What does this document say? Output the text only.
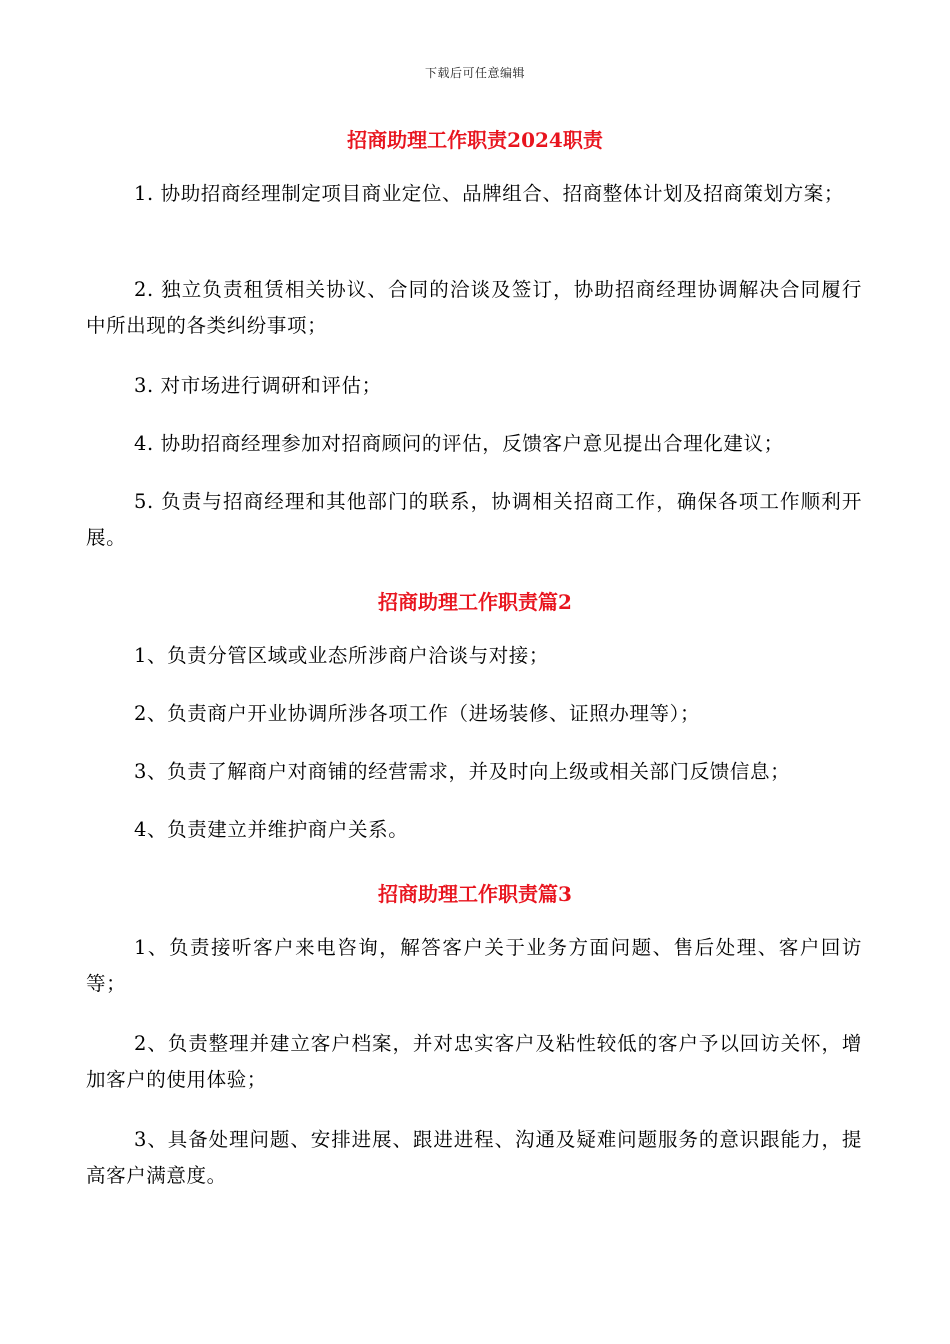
下载后可任意编辑
招商助理工作职责2024职责
1. 协助招商经理制定项目商业定位、品牌组合、招商整体计划及招商策划方案；
2. 独立负责租赁相关协议、合同的洽谈及签订，协助招商经理协调解决合同履行中所出现的各类纠纷事项；
3. 对市场进行调研和评估；
4. 协助招商经理参加对招商顾问的评估，反馈客户意见提出合理化建议；
5. 负责与招商经理和其他部门的联系，协调相关招商工作，确保各项工作顺利开展。
招商助理工作职责篇2
1、负责分管区域或业态所涉商户洽谈与对接；
2、负责商户开业协调所涉各项工作（进场装修、证照办理等）；
3、负责了解商户对商铺的经营需求，并及时向上级或相关部门反馈信息；
4、负责建立并维护商户关系。
招商助理工作职责篇3
1、负责接听客户来电咨询，解答客户关于业务方面问题、售后处理、客户回访等；
2、负责整理并建立客户档案，并对忠实客户及粘性较低的客户予以回访关怀，增加客户的使用体验；
3、具备处理问题、安排进展、跟进进程、沟通及疑难问题服务的意识跟能力，提高客户满意度。
